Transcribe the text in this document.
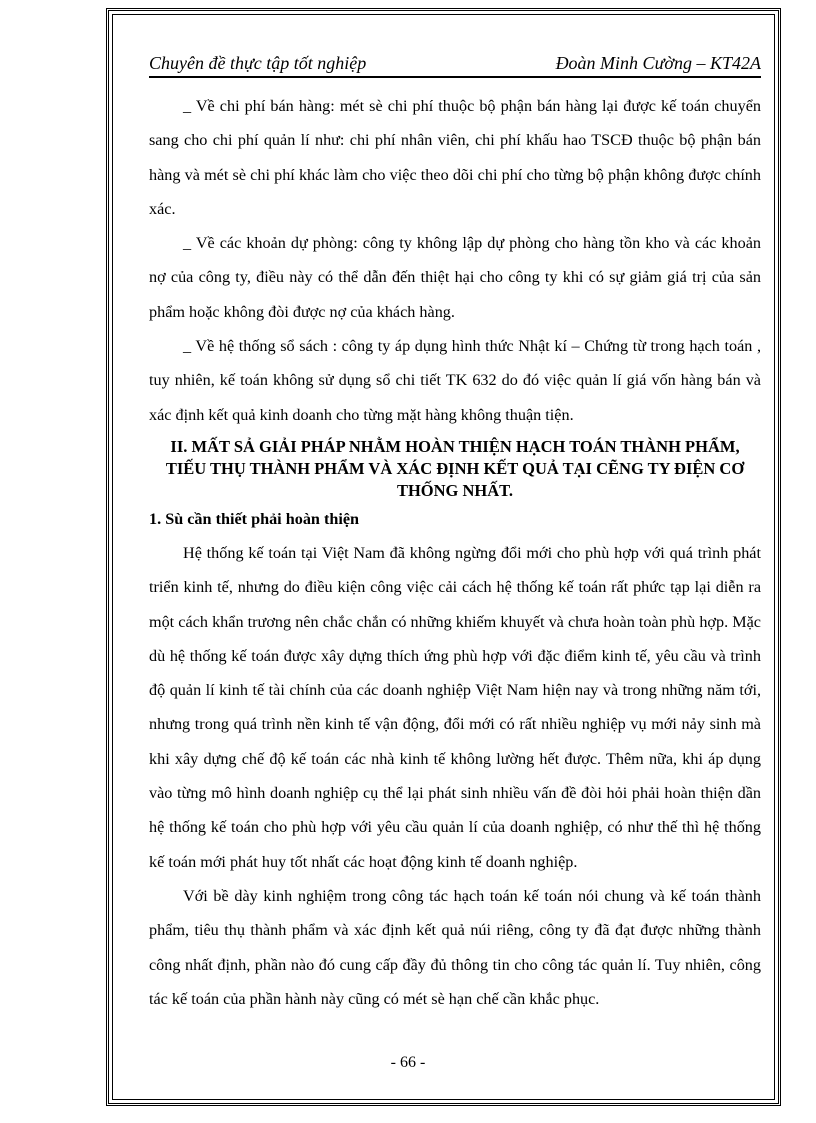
Chuyên đề thực tập tốt nghiệp	Đoàn Minh Cường – KT42A

_ Về chi phí bán hàng: mét sè chi phí thuộc bộ phận bán hàng lại được kế toán chuyển sang cho chi phí quản lí như: chi phí nhân viên, chi phí khấu hao TSCĐ thuộc bộ phận bán hàng và mét sè chi phí khác làm cho việc theo dõi chi phí cho từng bộ phận không được chính xác.

_ Về các khoản dự phòng: công ty không lập dự phòng cho hàng tồn kho và các khoản nợ của công ty, điều này có thể dẫn đến thiệt hại cho công ty khi có sự giảm giá trị của sản phẩm hoặc không đòi được nợ của khách hàng.

_ Về hệ thống sổ sách : công ty áp dụng hình thức Nhật kí – Chứng từ trong hạch toán , tuy nhiên, kế toán không sử dụng sổ chi tiết TK 632 do đó việc quản lí giá vốn hàng bán và xác định kết quả kinh doanh cho từng mặt hàng không thuận tiện.

II. MẤT SẢ GIẢI PHÁP NHẰM HOÀN THIỆN HẠCH TOÁN THÀNH PHẨM, TIẾU THỤ THÀNH PHẨM VÀ XÁC ĐỊNH KẾT QUẢ TẠI CẼNG TY ĐIỆN CƠ THỐNG NHẤT.

1. Sù cần thiết phải hoàn thiện

Hệ thống kế toán tại Việt Nam đã không ngừng đổi mới cho phù hợp với quá trình phát triển kinh tế, nhưng do điều kiện công việc cải cách hệ thống kế toán rất phức tạp lại diễn ra một cách khẩn trương nên chắc chắn có những khiếm khuyết và chưa hoàn toàn phù hợp. Mặc dù hệ thống kế toán được xây dựng thích ứng phù hợp với đặc điểm kinh tế, yêu cầu và trình độ quản lí kinh tế tài chính của các doanh nghiệp Việt Nam hiện nay và trong những năm tới, nhưng trong quá trình nền kinh tế vận động, đổi mới có rất nhiều nghiệp vụ mới nảy sinh mà khi xây dựng chế độ kế toán các nhà kinh tế không lường hết được. Thêm nữa, khi áp dụng vào từng mô hình doanh nghiệp cụ thể lại phát sinh nhiều vấn đề đòi hỏi phải hoàn thiện dần hệ thống kế toán cho phù hợp với yêu cầu quản lí của doanh nghiệp, có như thế thì hệ thống kế toán mới phát huy tốt nhất các hoạt động kinh tế doanh nghiệp.

Với bề dày kinh nghiệm trong công tác hạch toán kế toán nói chung và kế toán thành phẩm, tiêu thụ thành phẩm và xác định kết quả núi riêng, công ty đã đạt được những thành công nhất định, phần nào đó cung cấp đầy đủ thông tin cho công tác quản lí. Tuy nhiên, công tác kế toán của phần hành này cũng có mét sè hạn chế cần khắc phục.

- 66 -
